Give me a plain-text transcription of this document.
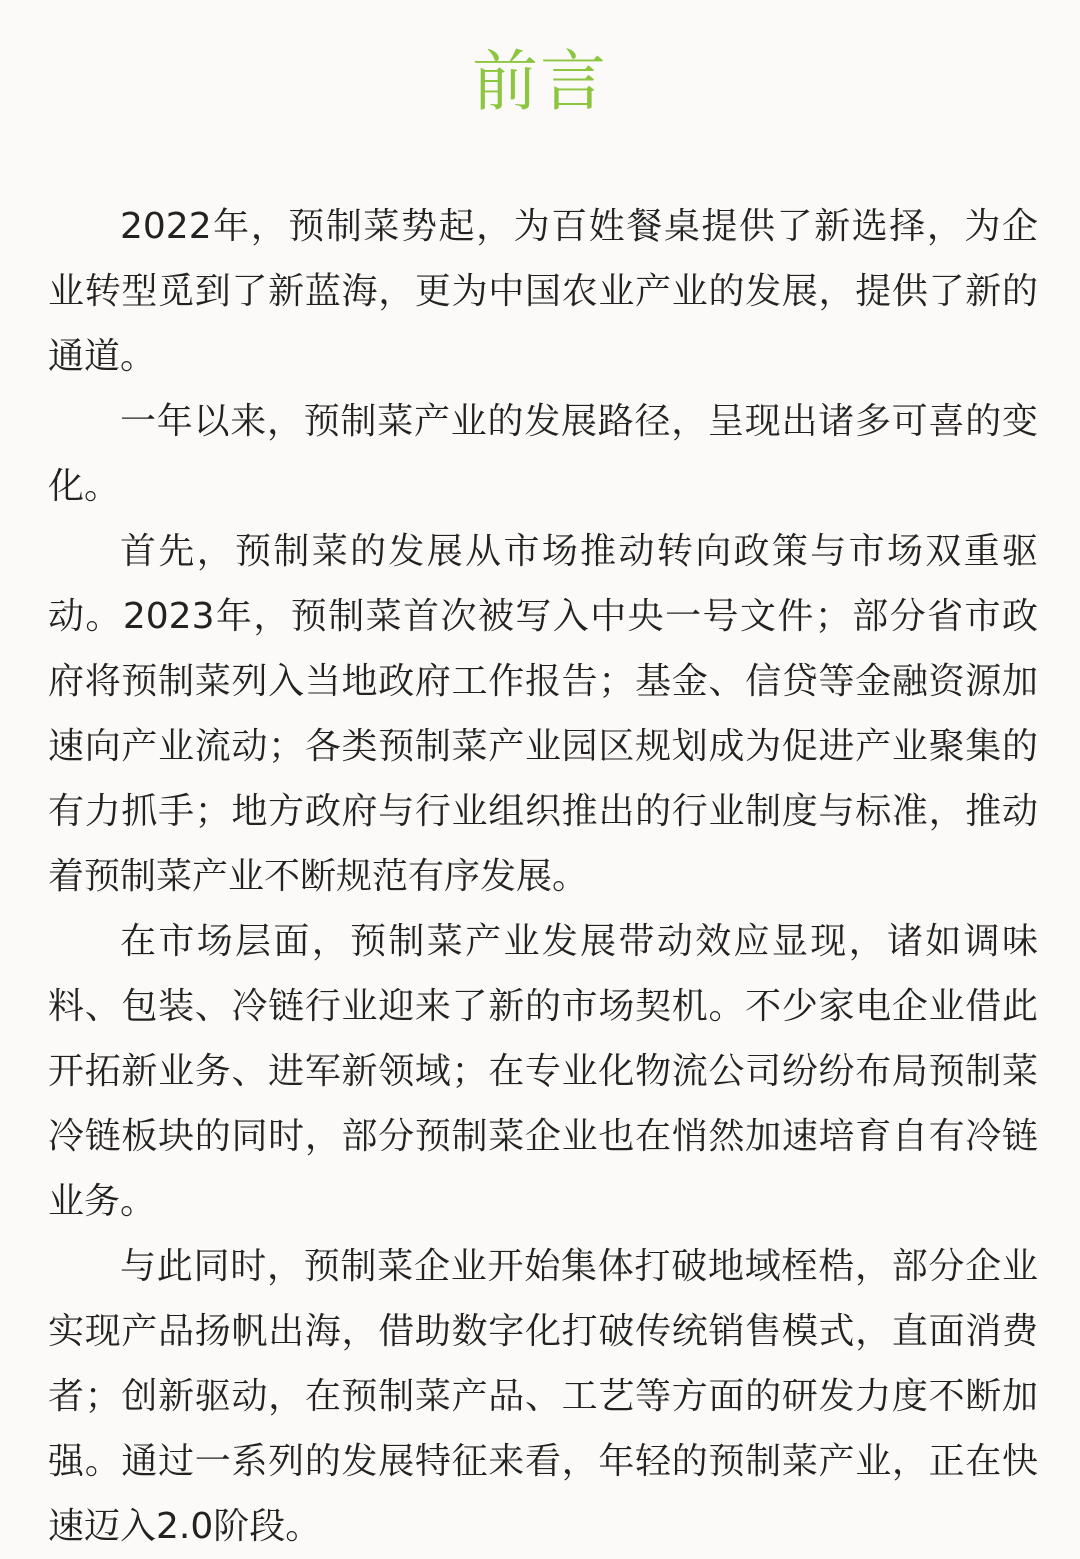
前言

2022年，预制菜势起，为百姓餐桌提供了新选择，为企业转型觅到了新蓝海，更为中国农业产业的发展，提供了新的通道。

一年以来，预制菜产业的发展路径，呈现出诸多可喜的变化。

首先，预制菜的发展从市场推动转向政策与市场双重驱动。2023年，预制菜首次被写入中央一号文件；部分省市政府将预制菜列入当地政府工作报告；基金、信贷等金融资源加速向产业流动；各类预制菜产业园区规划成为促进产业聚集的有力抓手；地方政府与行业组织推出的行业制度与标准，推动着预制菜产业不断规范有序发展。

在市场层面，预制菜产业发展带动效应显现，诸如调味料、包装、冷链行业迎来了新的市场契机。不少家电企业借此开拓新业务、进军新领域；在专业化物流公司纷纷布局预制菜冷链板块的同时，部分预制菜企业也在悄然加速培育自有冷链业务。

与此同时，预制菜企业开始集体打破地域桎梏，部分企业实现产品扬帆出海，借助数字化打破传统销售模式，直面消费者；创新驱动，在预制菜产品、工艺等方面的研发力度不断加强。通过一系列的发展特征来看，年轻的预制菜产业，正在快速迈入2.0阶段。
